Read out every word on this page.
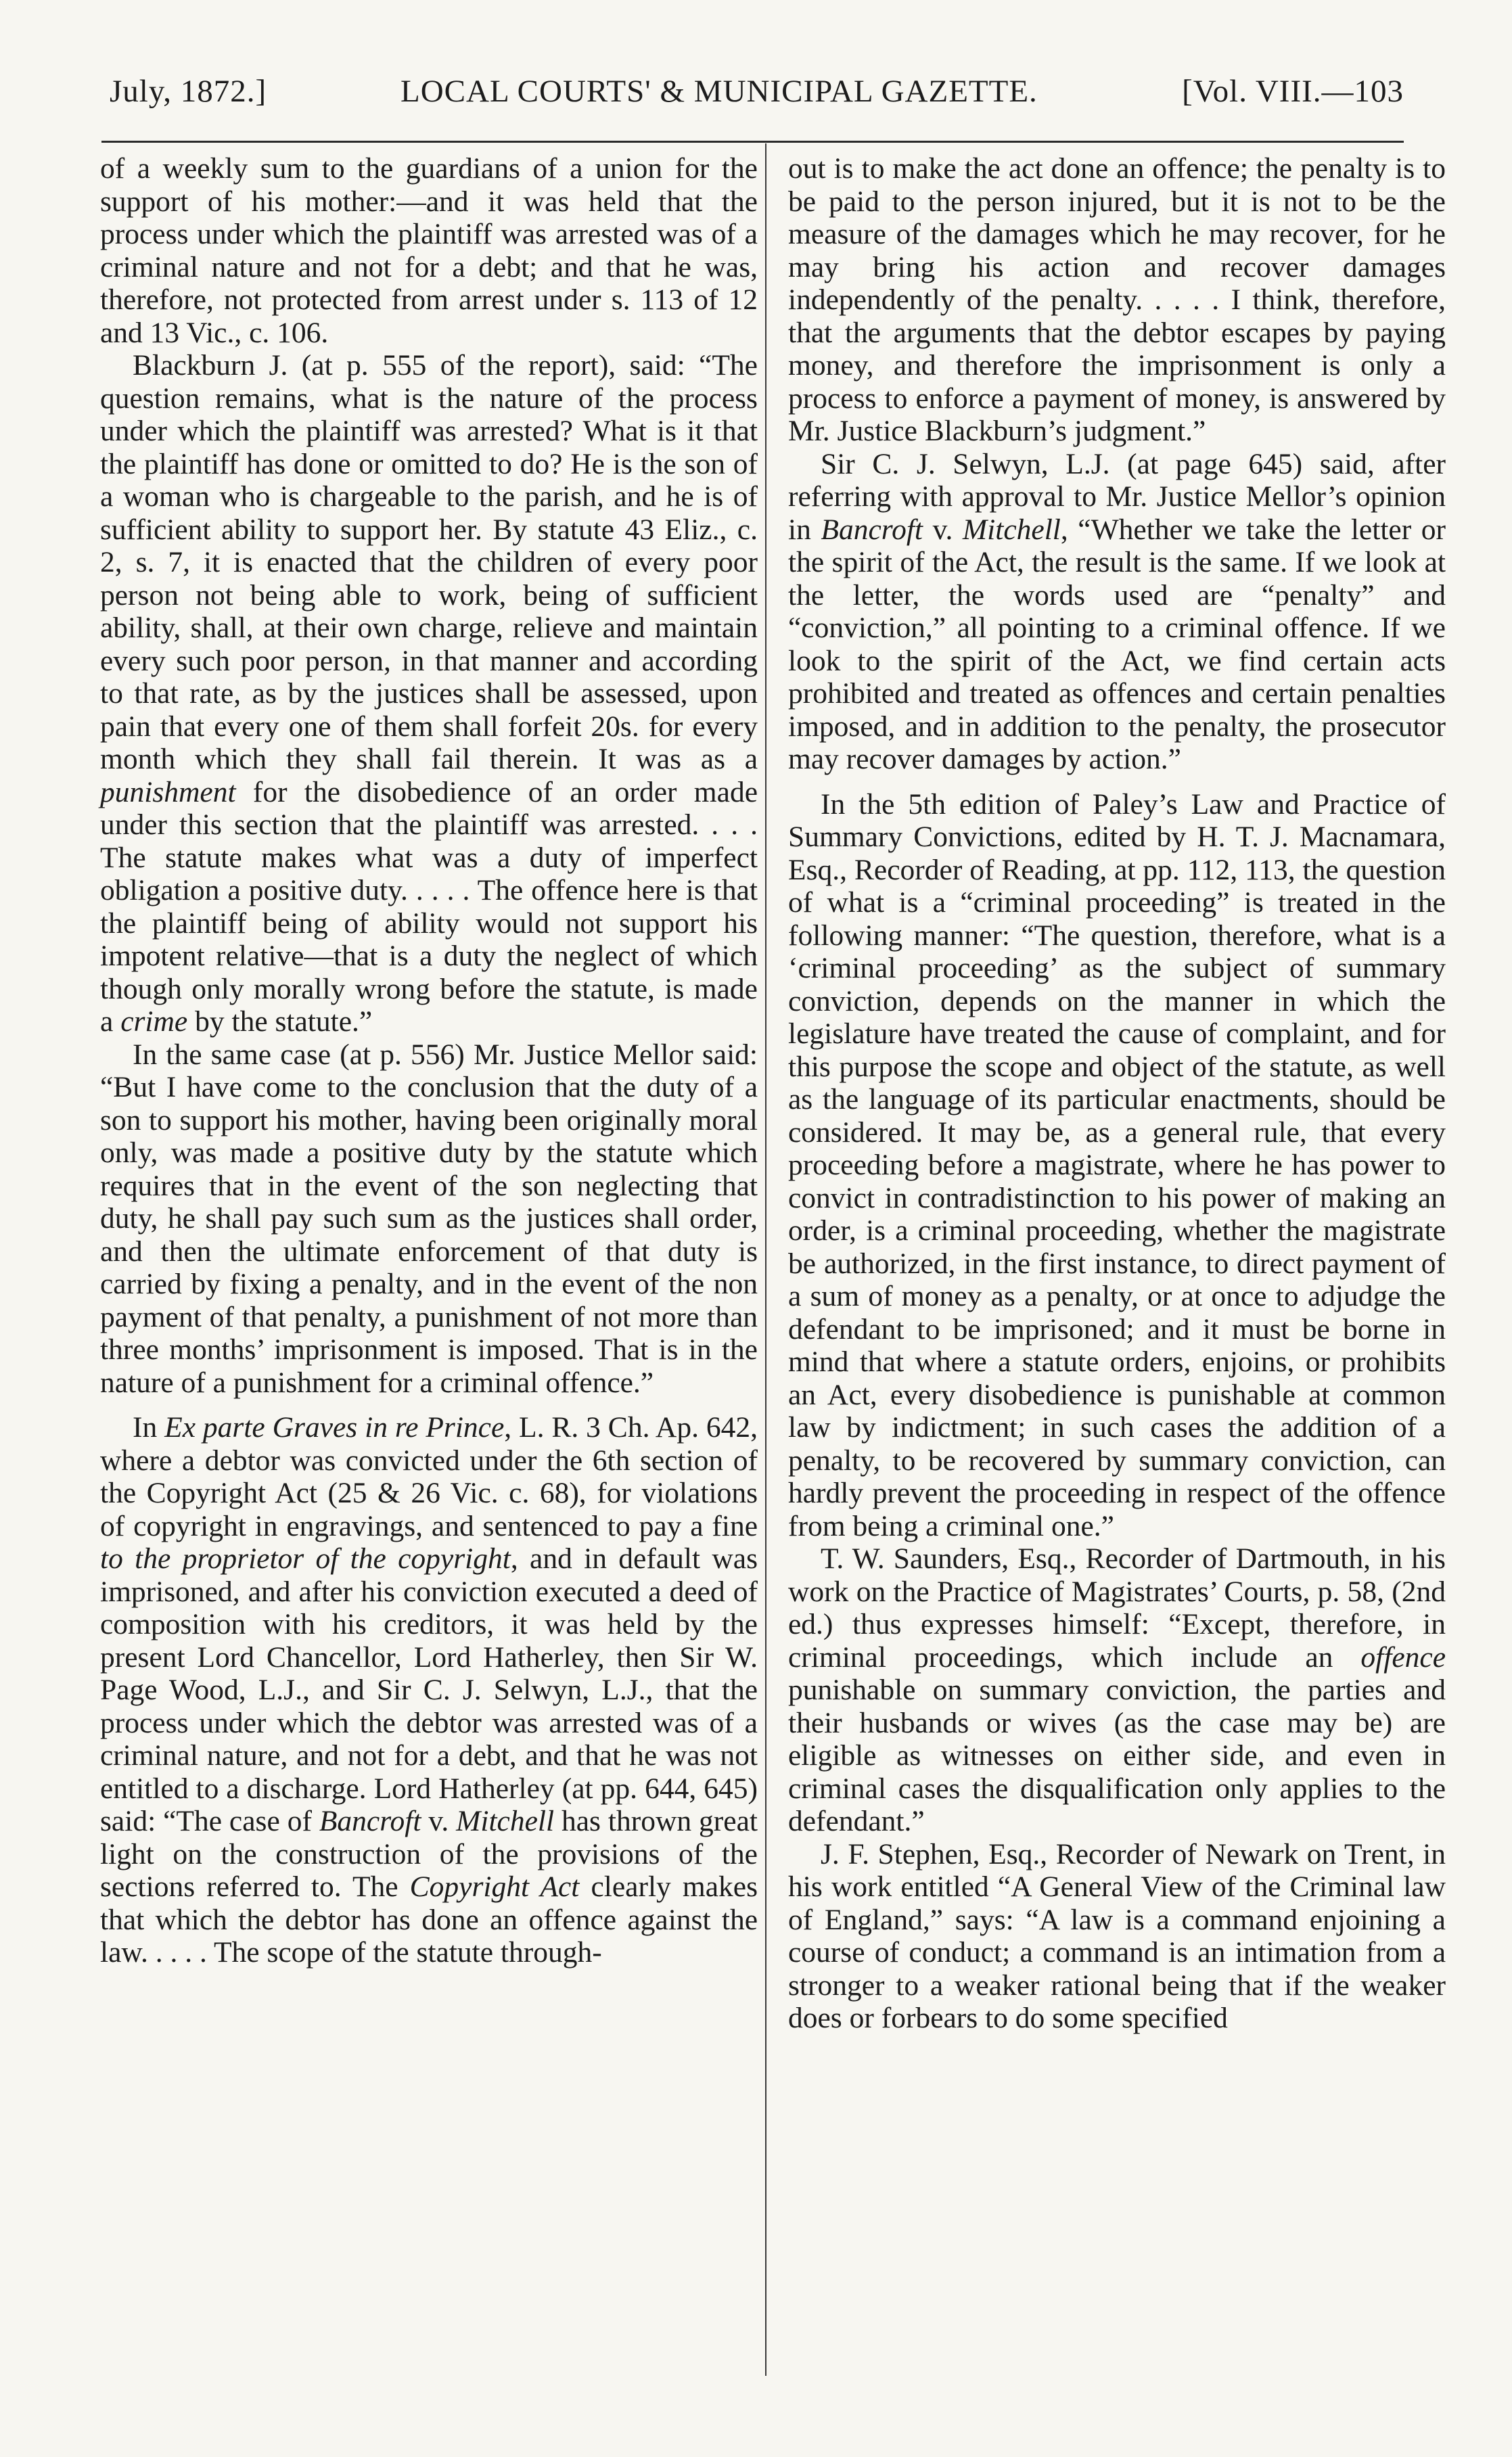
July, 1872.]	LOCAL COURTS' & MUNICIPAL GAZETTE.	[Vol. VIII.—103

of a weekly sum to the guardians of a union for the support of his mother:—and it was held that the process under which the plaintiff was arrested was of a criminal nature and not for a debt; and that he was, therefore, not protected from arrest under s. 113 of 12 and 13 Vic., c. 106.

Blackburn J. (at p. 555 of the report), said: “The question remains, what is the nature of the process under which the plaintiff was arrested? What is it that the plaintiff has done or omitted to do? He is the son of a woman who is chargeable to the parish, and he is of sufficient ability to support her. By statute 43 Eliz., c. 2, s. 7, it is enacted that the children of every poor person not being able to work, being of sufficient ability, shall, at their own charge, relieve and maintain every such poor person, in that manner and according to that rate, as by the justices shall be assessed, upon pain that every one of them shall forfeit 20s. for every month which they shall fail therein. It was as a punishment for the disobedience of an order made under this section that the plaintiff was arrested. . . . The statute makes what was a duty of imperfect obligation a positive duty. . . . . The offence here is that the plaintiff being of ability would not support his impotent relative—that is a duty the neglect of which though only morally wrong before the statute, is made a crime by the statute.”

In the same case (at p. 556) Mr. Justice Mellor said: “But I have come to the conclusion that the duty of a son to support his mother, having been originally moral only, was made a positive duty by the statute which requires that in the event of the son neglecting that duty, he shall pay such sum as the justices shall order, and then the ultimate enforcement of that duty is carried by fixing a penalty, and in the event of the non payment of that penalty, a punishment of not more than three months’ imprisonment is imposed. That is in the nature of a punishment for a criminal offence.”

In Ex parte Graves in re Prince, L. R. 3 Ch. Ap. 642, where a debtor was convicted under the 6th section of the Copyright Act (25 & 26 Vic. c. 68), for violations of copyright in engravings, and sentenced to pay a fine to the proprietor of the copyright, and in default was imprisoned, and after his conviction executed a deed of composition with his creditors, it was held by the present Lord Chancellor, Lord Hatherley, then Sir W. Page Wood, L.J., and Sir C. J. Selwyn, L.J., that the process under which the debtor was arrested was of a criminal nature, and not for a debt, and that he was not entitled to a discharge. Lord Hatherley (at pp. 644, 645) said: “The case of Bancroft v. Mitchell has thrown great light on the construction of the provisions of the sections referred to. The Copyright Act clearly makes that which the debtor has done an offence against the law. . . . . The scope of the statute through-

out is to make the act done an offence; the penalty is to be paid to the person injured, but it is not to be the measure of the damages which he may recover, for he may bring his action and recover damages independently of the penalty. . . . . I think, therefore, that the arguments that the debtor escapes by paying money, and therefore the imprisonment is only a process to enforce a payment of money, is answered by Mr. Justice Blackburn’s judgment.”

Sir C. J. Selwyn, L.J. (at page 645) said, after referring with approval to Mr. Justice Mellor’s opinion in Bancroft v. Mitchell, “Whether we take the letter or the spirit of the Act, the result is the same. If we look at the letter, the words used are “penalty” and “conviction,” all pointing to a criminal offence. If we look to the spirit of the Act, we find certain acts prohibited and treated as offences and certain penalties imposed, and in addition to the penalty, the prosecutor may recover damages by action.”

In the 5th edition of Paley’s Law and Practice of Summary Convictions, edited by H. T. J. Macnamara, Esq., Recorder of Reading, at pp. 112, 113, the question of what is a “criminal proceeding” is treated in the following manner: “The question, therefore, what is a ‘criminal proceeding’ as the subject of summary conviction, depends on the manner in which the legislature have treated the cause of complaint, and for this purpose the scope and object of the statute, as well as the language of its particular enactments, should be considered. It may be, as a general rule, that every proceeding before a magistrate, where he has power to convict in contradistinction to his power of making an order, is a criminal proceeding, whether the magistrate be authorized, in the first instance, to direct payment of a sum of money as a penalty, or at once to adjudge the defendant to be imprisoned; and it must be borne in mind that where a statute orders, enjoins, or prohibits an Act, every disobedience is punishable at common law by indictment; in such cases the addition of a penalty, to be recovered by summary conviction, can hardly prevent the proceeding in respect of the offence from being a criminal one.”

T. W. Saunders, Esq., Recorder of Dartmouth, in his work on the Practice of Magistrates’ Courts, p. 58, (2nd ed.) thus expresses himself: “Except, therefore, in criminal proceedings, which include an offence punishable on summary conviction, the parties and their husbands or wives (as the case may be) are eligible as witnesses on either side, and even in criminal cases the disqualification only applies to the defendant.”

J. F. Stephen, Esq., Recorder of Newark on Trent, in his work entitled “A General View of the Criminal law of England,” says: “A law is a command enjoining a course of conduct; a command is an intimation from a stronger to a weaker rational being that if the weaker does or forbears to do some specified
